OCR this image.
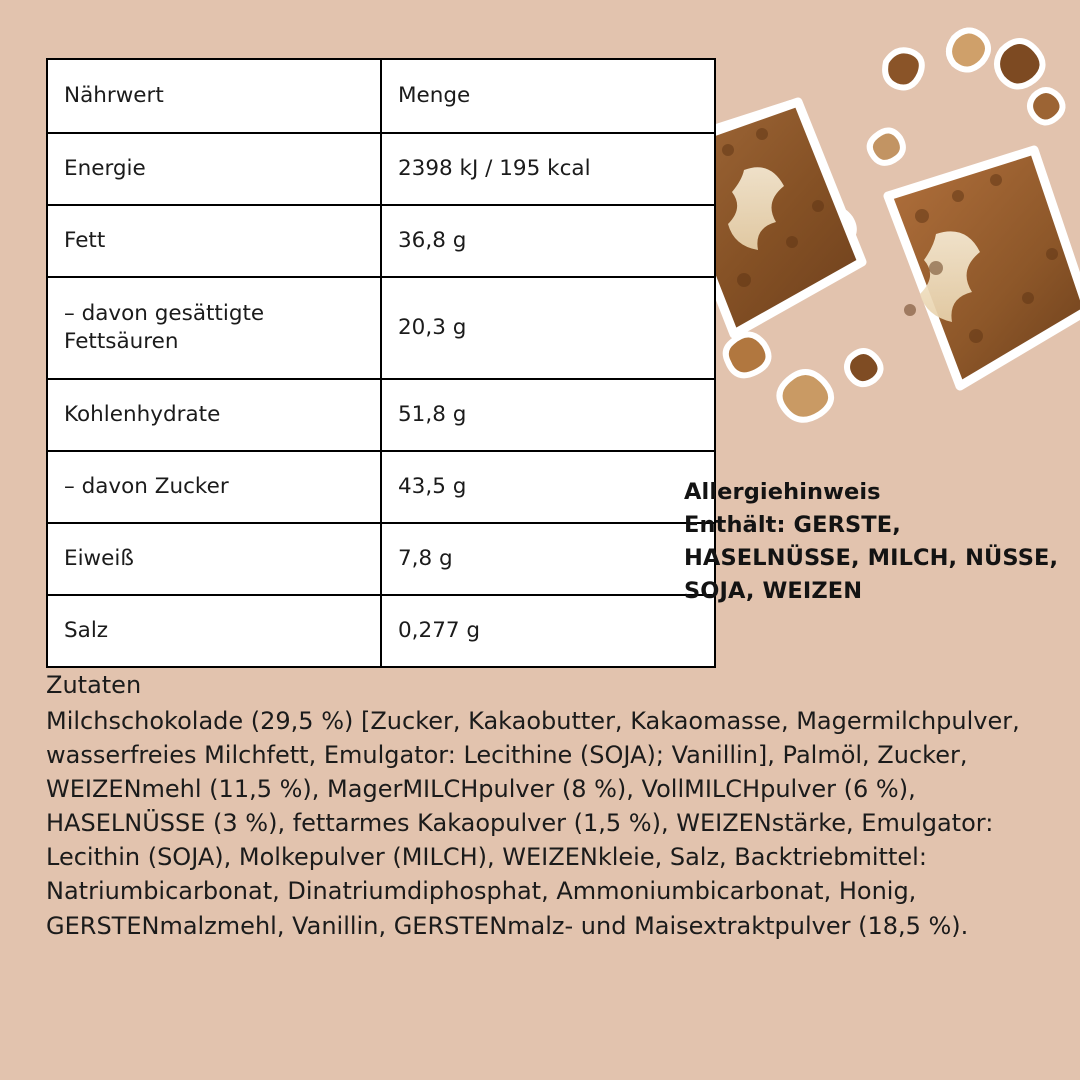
Nährwert	Menge
Energie	2398 kJ / 195 kcal
Fett	36,8 g
– davon gesättigte Fettsäuren	20,3 g
Kohlenhydrate	51,8 g
– davon Zucker	43,5 g
Eiweiß	7,8 g
Salz	0,277 g
Allergiehinweis
Enthält: GERSTE, HASELNÜSSE, MILCH, NÜSSE, SOJA, WEIZEN
Zutaten
Milchschokolade (29,5 %) [Zucker, Kakaobutter, Kakaomasse, Magermilchpulver, wasserfreies Milchfett, Emulgator: Lecithine (SOJA); Vanillin], Palmöl, Zucker, WEIZENmehl (11,5 %), MagerMILCHpulver (8 %), VollMILCHpulver (6 %), HASELNÜSSE (3 %), fettarmes Kakaopulver (1,5 %), WEIZENstärke, Emulgator: Lecithin (SOJA), Molkepulver (MILCH), WEIZENkleie, Salz, Backtriebmittel: Natriumbicarbonat, Dinatriumdiphosphat, Ammoniumbicarbonat, Honig, GERSTENmalzmehl, Vanillin, GERSTENmalz- und Maisextraktpulver (18,5 %).
